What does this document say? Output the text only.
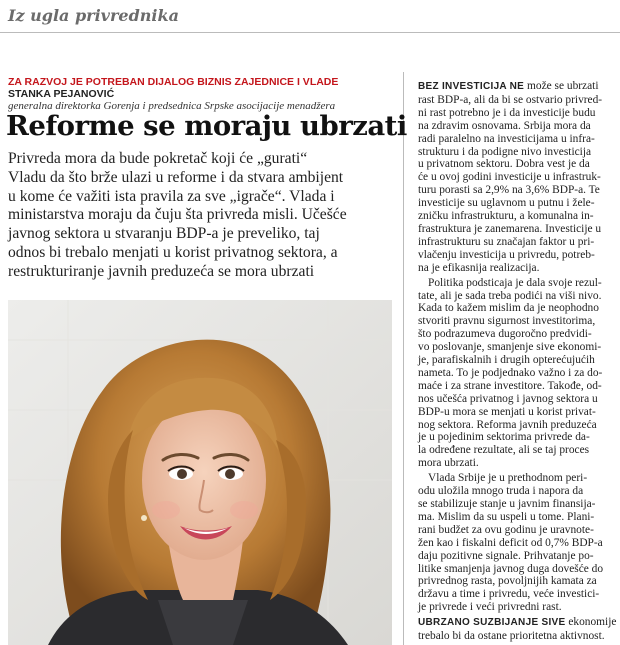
Iz ugla privrednika
ZA RAZVOJ JE POTREBAN DIJALOG BIZNIS ZAJEDNICE I VLADE
STANKA PEJANOVIĆ
generalna direktorka Gorenja i predsednica Srpske asocijacije menadžera
Reforme se moraju ubrzati
Privreda mora da bude pokretač koji će „gurati“
Vladu da što brže ulazi u reforme i da stvara ambijent
u kome će važiti ista pravila za sve „igrače“. Vlada i
ministarstva moraju da čuju šta privreda misli. Učešće
javnog sektora u stvaranju BDP-a je preveliko, taj
odnos bi trebalo menjati u korist privatnog sektora, a
restrukturiranje javnih preduzeća se mora ubrzati
BEZ INVESTICIJA NE može se ubrzati
rast BDP-a, ali da bi se ostvario privred-
ni rast potrebno je i da investicije budu
na zdravim osnovama. Srbija mora da
radi paralelno na investicijama u infra-
strukturu i da podigne nivo investicija
u privatnom sektoru. Dobra vest je da
će u ovoj godini investicije u infrastruk-
turu porasti sa 2,9% na 3,6% BDP-a. Te
investicije su uglavnom u putnu i žele-
zničku infrastrukturu, a komunalna in-
frastruktura je zanemarena. Investicije u
infrastrukturu su značajan faktor u pri-
vlačenju investicija u privredu, potreb-
na je efikasnija realizacija.
Politika podsticaja je dala svoje rezul-
tate, ali je sada treba podići na viši nivo.
Kada to kažem mislim da je neophodno
stvoriti pravnu sigurnost investitorima,
što podrazumeva dugoročno predvidi-
vo poslovanje, smanjenje sive ekonomi-
je, parafiskalnih i drugih opterećujućih
nameta. To je podjednako važno i za do-
maće i za strane investitore. Takođe, od-
nos učešća privatnog i javnog sektora u
BDP-u mora se menjati u korist privat-
nog sektora. Reforma javnih preduzeća
je u pojedinim sektorima privrede da-
la određene rezultate, ali se taj proces
mora ubrzati.
Vlada Srbije je u prethodnom peri-
odu uložila mnogo truda i napora da
se stabilizuje stanje u javnim finansija-
ma. Mislim da su uspeli u tome. Plani-
rani budžet za ovu godinu je uravnote-
žen kao i fiskalni deficit od 0,7% BDP-a
daju pozitivne signale. Prihvatanje po-
litike smanjenja javnog duga dovešće do
privrednog rasta, povoljnijih kamata za
državu a time i privredu, veće investici-
je privrede i veći privredni rast.
UBRZANO SUZBIJANJE SIVE ekonomije
trebalo bi da ostane prioritetna aktivnost.
